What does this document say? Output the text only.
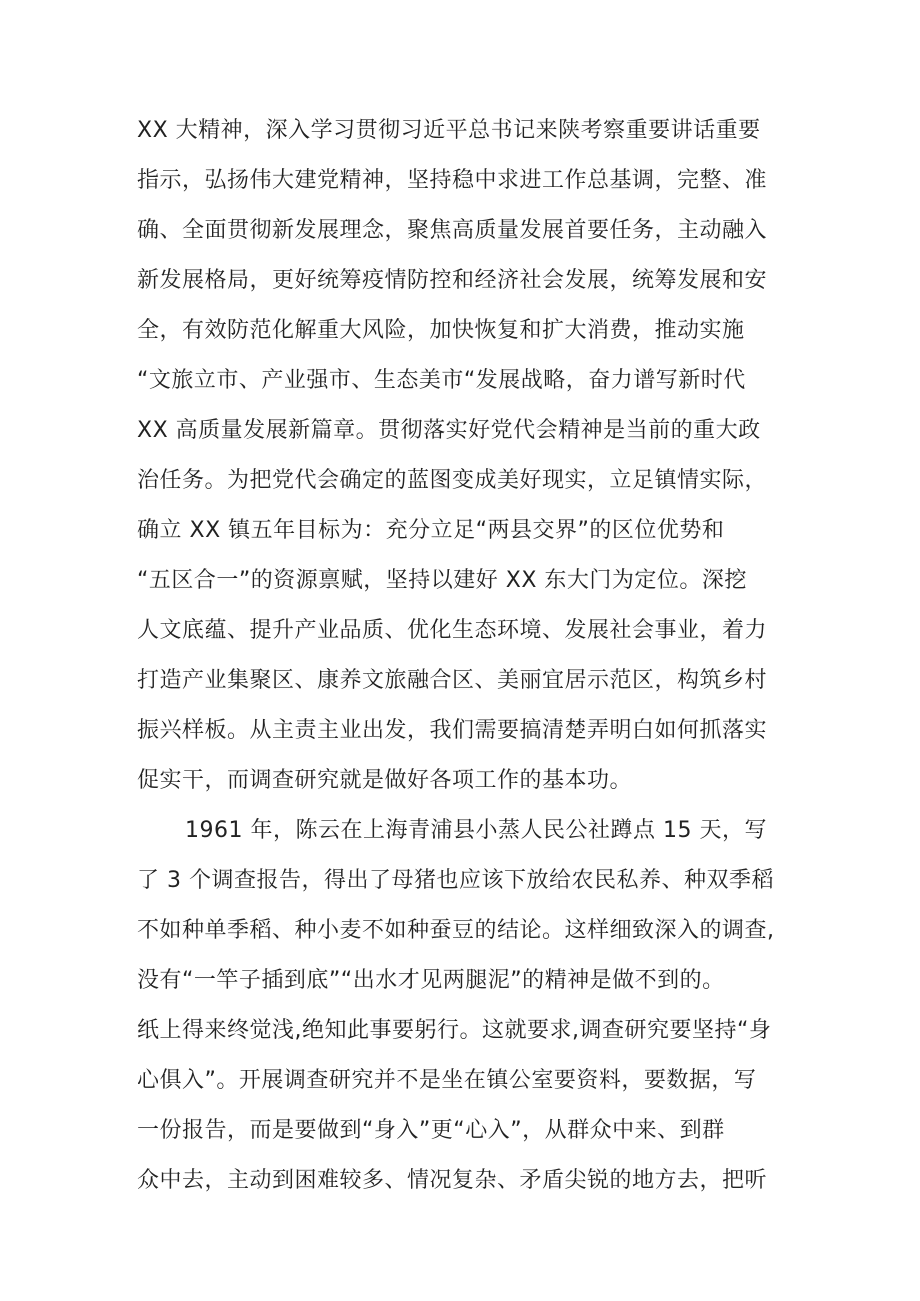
XX 大精神，深入学习贯彻习近平总书记来陕考察重要讲话重要
指示，弘扬伟大建党精神，坚持稳中求进工作总基调，完整、准
确、全面贯彻新发展理念，聚焦高质量发展首要任务，主动融入
新发展格局，更好统筹疫情防控和经济社会发展，统筹发展和安
全，有效防范化解重大风险，加快恢复和扩大消费，推动实施
“文旅立市、产业强市、生态美市“发展战略，奋力谱写新时代
XX 高质量发展新篇章。贯彻落实好党代会精神是当前的重大政
治任务。为把党代会确定的蓝图变成美好现实，立足镇情实际，
确立 XX 镇五年目标为：充分立足“两县交界”的区位优势和
“五区合一”的资源禀赋，坚持以建好 XX 东大门为定位。深挖
人文底蕴、提升产业品质、优化生态环境、发展社会事业，着力
打造产业集聚区、康养文旅融合区、美丽宜居示范区，构筑乡村
振兴样板。从主责主业出发，我们需要搞清楚弄明白如何抓落实
促实干，而调查研究就是做好各项工作的基本功。
1961 年，陈云在上海青浦县小蒸人民公社蹲点 15 天，写
了 3 个调查报告，得出了母猪也应该下放给农民私养、种双季稻
不如种单季稻、种小麦不如种蚕豆的结论。这样细致深入的调查,
没有“一竿子插到底”“出水才见两腿泥”的精神是做不到的。
纸上得来终觉浅,绝知此事要躬行。这就要求,调查研究要坚持“身
心俱入”。开展调查研究并不是坐在镇公室要资料，要数据，写
一份报告，而是要做到“身入”更“心入”，从群众中来、到群
众中去，主动到困难较多、情况复杂、矛盾尖锐的地方去，把听
